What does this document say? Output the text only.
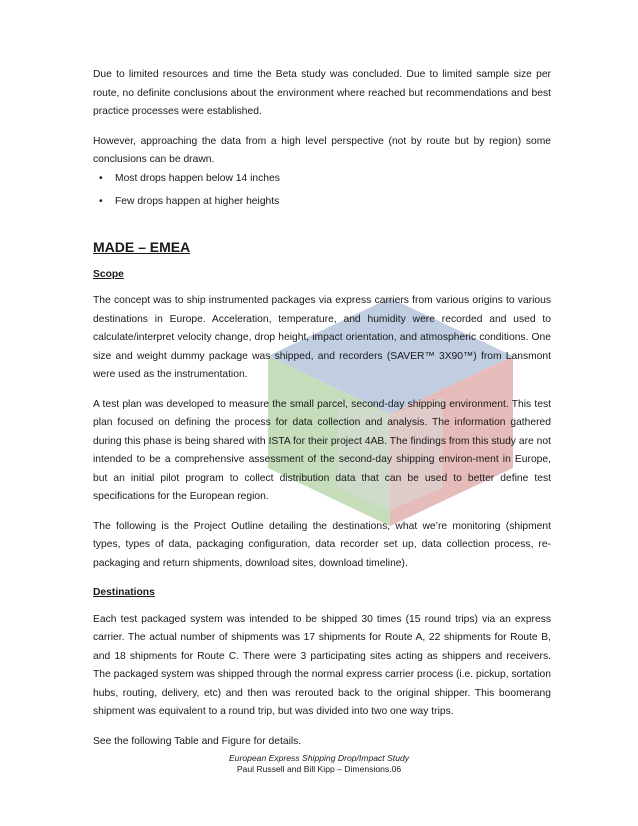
Due to limited resources and time the Beta study was concluded. Due to limited sample size per route, no definite conclusions about the environment where reached but recommendations and best practice processes were established.

However, approaching the data from a high level perspective (not by route but by region) some conclusions can be drawn.

• Most drops happen below 14 inches
• Few drops happen at higher heights
MADE – EMEA
Scope

The concept was to ship instrumented packages via express carriers from various origins to various destinations in Europe. Acceleration, temperature, and humidity were recorded and used to calculate/interpret velocity change, drop height, impact orientation, and atmospheric conditions. One size and weight dummy package was shipped, and recorders (SAVER™ 3X90™) from Lansmont were used as the instrumentation.

A test plan was developed to measure the small parcel, second-day shipping environment. This test plan focused on defining the process for data collection and analysis. The information gathered during this phase is being shared with ISTA for their project 4AB. The findings from this study are not intended to be a comprehensive assessment of the second-day shipping environ-ment in Europe, but an initial pilot program to collect distribution data that can be used to better define test specifications for the European region.

The following is the Project Outline detailing the destinations, what we’re monitoring (shipment types, types of data, packaging configuration, data recorder set up, data collection process, re-packaging and return shipments, download sites, download timeline).

Destinations

Each test packaged system was intended to be shipped 30 times (15 round trips) via an express carrier. The actual number of shipments was 17 shipments for Route A, 22 shipments for Route B, and 18 shipments for Route C. There were 3 participating sites acting as shippers and receivers. The packaged system was shipped through the normal express carrier process (i.e. pickup, sortation hubs, routing, delivery, etc) and then was rerouted back to the original shipper. This boomerang shipment was equivalent to a round trip, but was divided into two one way trips.

See the following Table and Figure for details.

European Express Shipping Drop/Impact Study
Paul Russell and Bill Kipp – Dimensions.06
